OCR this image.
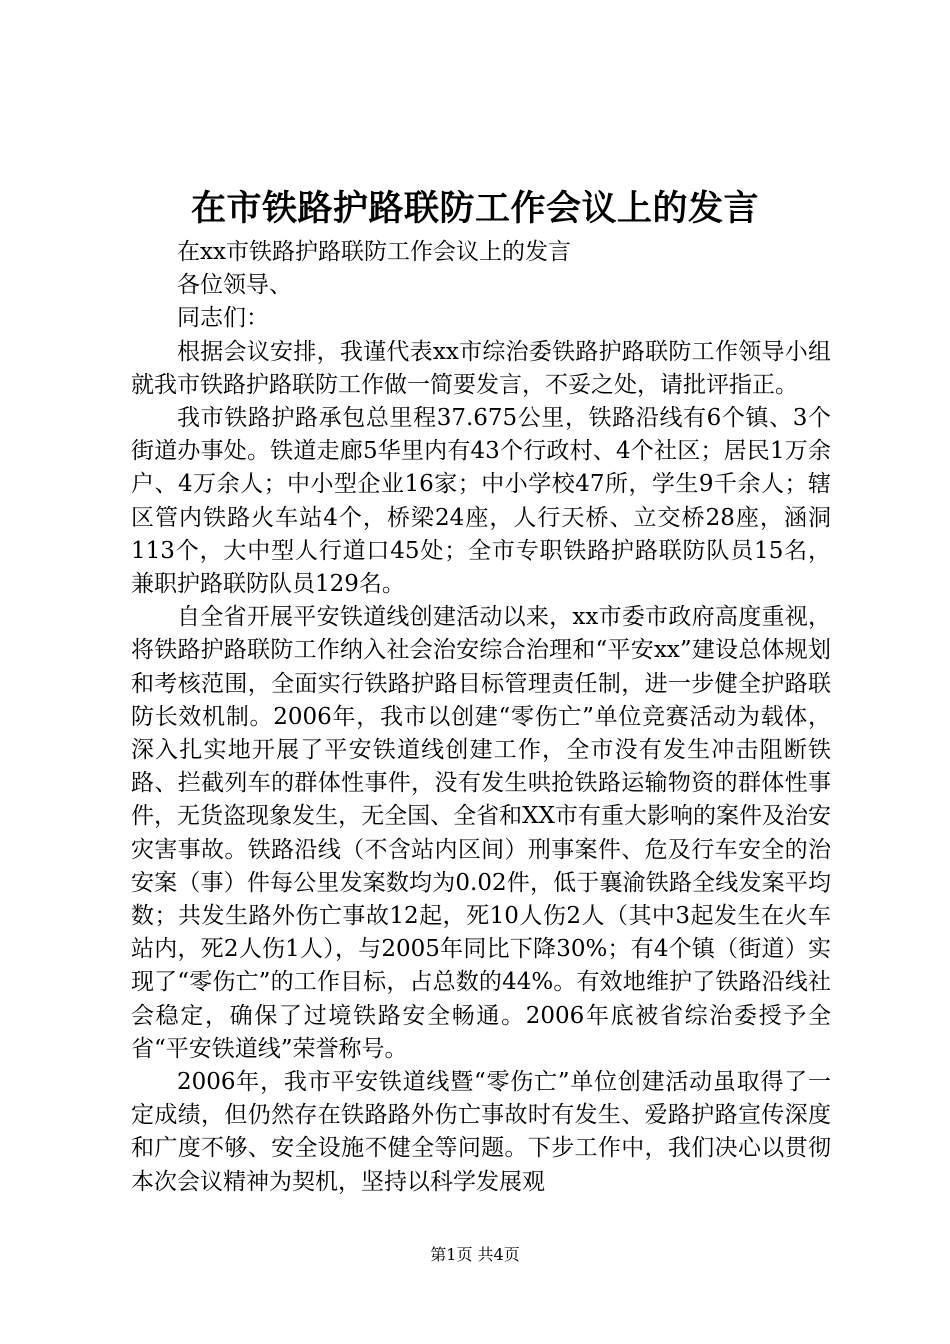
在市铁路护路联防工作会议上的发言

在xx市铁路护路联防工作会议上的发言

各位领导、

同志们：

根据会议安排，我谨代表xx市综治委铁路护路联防工作领导小组就我市铁路护路联防工作做一简要发言，不妥之处，请批评指正。

我市铁路护路承包总里程37.675公里，铁路沿线有6个镇、3个街道办事处。铁道走廊5华里内有43个行政村、4个社区；居民1万余户、4万余人；中小型企业16家；中小学校47所，学生9千余人；辖区管内铁路火车站4个，桥梁24座，人行天桥、立交桥28座，涵洞113个，大中型人行道口45处；全市专职铁路护路联防队员15名，兼职护路联防队员129名。

自全省开展平安铁道线创建活动以来，xx市委市政府高度重视，将铁路护路联防工作纳入社会治安综合治理和“平安xx”建设总体规划和考核范围，全面实行铁路护路目标管理责任制，进一步健全护路联防长效机制。2006年，我市以创建“零伤亡”单位竞赛活动为载体，深入扎实地开展了平安铁道线创建工作，全市没有发生冲击阻断铁路、拦截列车的群体性事件，没有发生哄抢铁路运输物资的群体性事件，无货盗现象发生，无全国、全省和XX市有重大影响的案件及治安灾害事故。铁路沿线（不含站内区间）刑事案件、危及行车安全的治安案（事）件每公里发案数均为0.02件，低于襄渝铁路全线发案平均数；共发生路外伤亡事故12起，死10人伤2人（其中3起发生在火车站内，死2人伤1人），与2005年同比下降30%；有4个镇（街道）实现了“零伤亡”的工作目标，占总数的44%。有效地维护了铁路沿线社会稳定，确保了过境铁路安全畅通。2006年底被省综治委授予全省“平安铁道线”荣誉称号。

2006年，我市平安铁道线暨“零伤亡”单位创建活动虽取得了一定成绩，但仍然存在铁路路外伤亡事故时有发生、爱路护路宣传深度和广度不够、安全设施不健全等问题。下步工作中，我们决心以贯彻本次会议精神为契机，坚持以科学发展观

第1页 共4页
